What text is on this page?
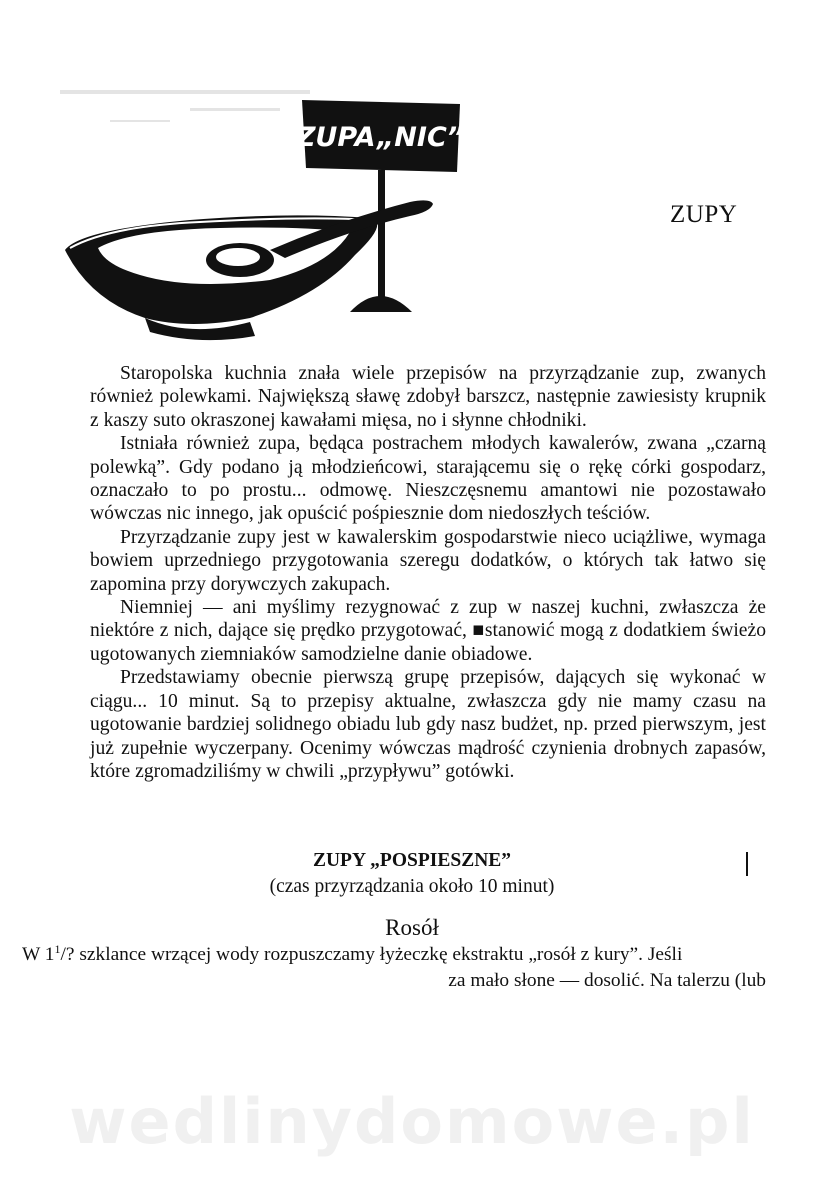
ZUPA„NIC”
ZUPY

Staropolska kuchnia znała wiele przepisów na przyrządzanie zup, zwanych również polewkami. Największą sławę zdobył barszcz, następnie zawiesisty krupnik z kaszy suto okraszonej kawałami mięsa, no i słynne chłodniki.

Istniała również zupa, będąca postrachem młodych kawalerów, zwana „czarną polewką”. Gdy podano ją młodzieńcowi, starającemu się o rękę córki gospodarz, oznaczało to po prostu... odmowę. Nieszczęsnemu amantowi nie pozostawało wówczas nic innego, jak opuścić pośpiesznie dom niedoszłych teściów.

Przyrządzanie zupy jest w kawalerskim gospodarstwie nieco uciążliwe, wymaga bowiem uprzedniego przygotowania szeregu dodatków, o których tak łatwo się zapomina przy dorywczych zakupach.

Niemniej — ani myślimy rezygnować z zup w naszej kuchni, zwłaszcza że niektóre z nich, dające się prędko przygotować, ■stanowić mogą z dodatkiem świeżo ugotowanych ziemniaków samodzielne danie obiadowe.

Przedstawiamy obecnie pierwszą grupę przepisów, dających się wykonać w ciągu... 10 minut. Są to przepisy aktualne, zwłaszcza gdy nie mamy czasu na ugotowanie bardziej solidnego obiadu lub gdy nasz budżet, np. przed pierwszym, jest już zupełnie wyczerpany. Ocenimy wówczas mądrość czynienia drobnych zapasów, które zgromadziliśmy w chwili „przypływu” gotówki.

ZUPY „POSPIESZNE”
(czas przyrządzania około 10 minut)
Rosół
W $1^1/$? szklance wrzącej wody rozpuszczamy łyżeczkę ekstraktu „rosół z kury”. Jeśli
za mało słone — dosolić. Na talerzu (lub
wedlinydomowe.pl
